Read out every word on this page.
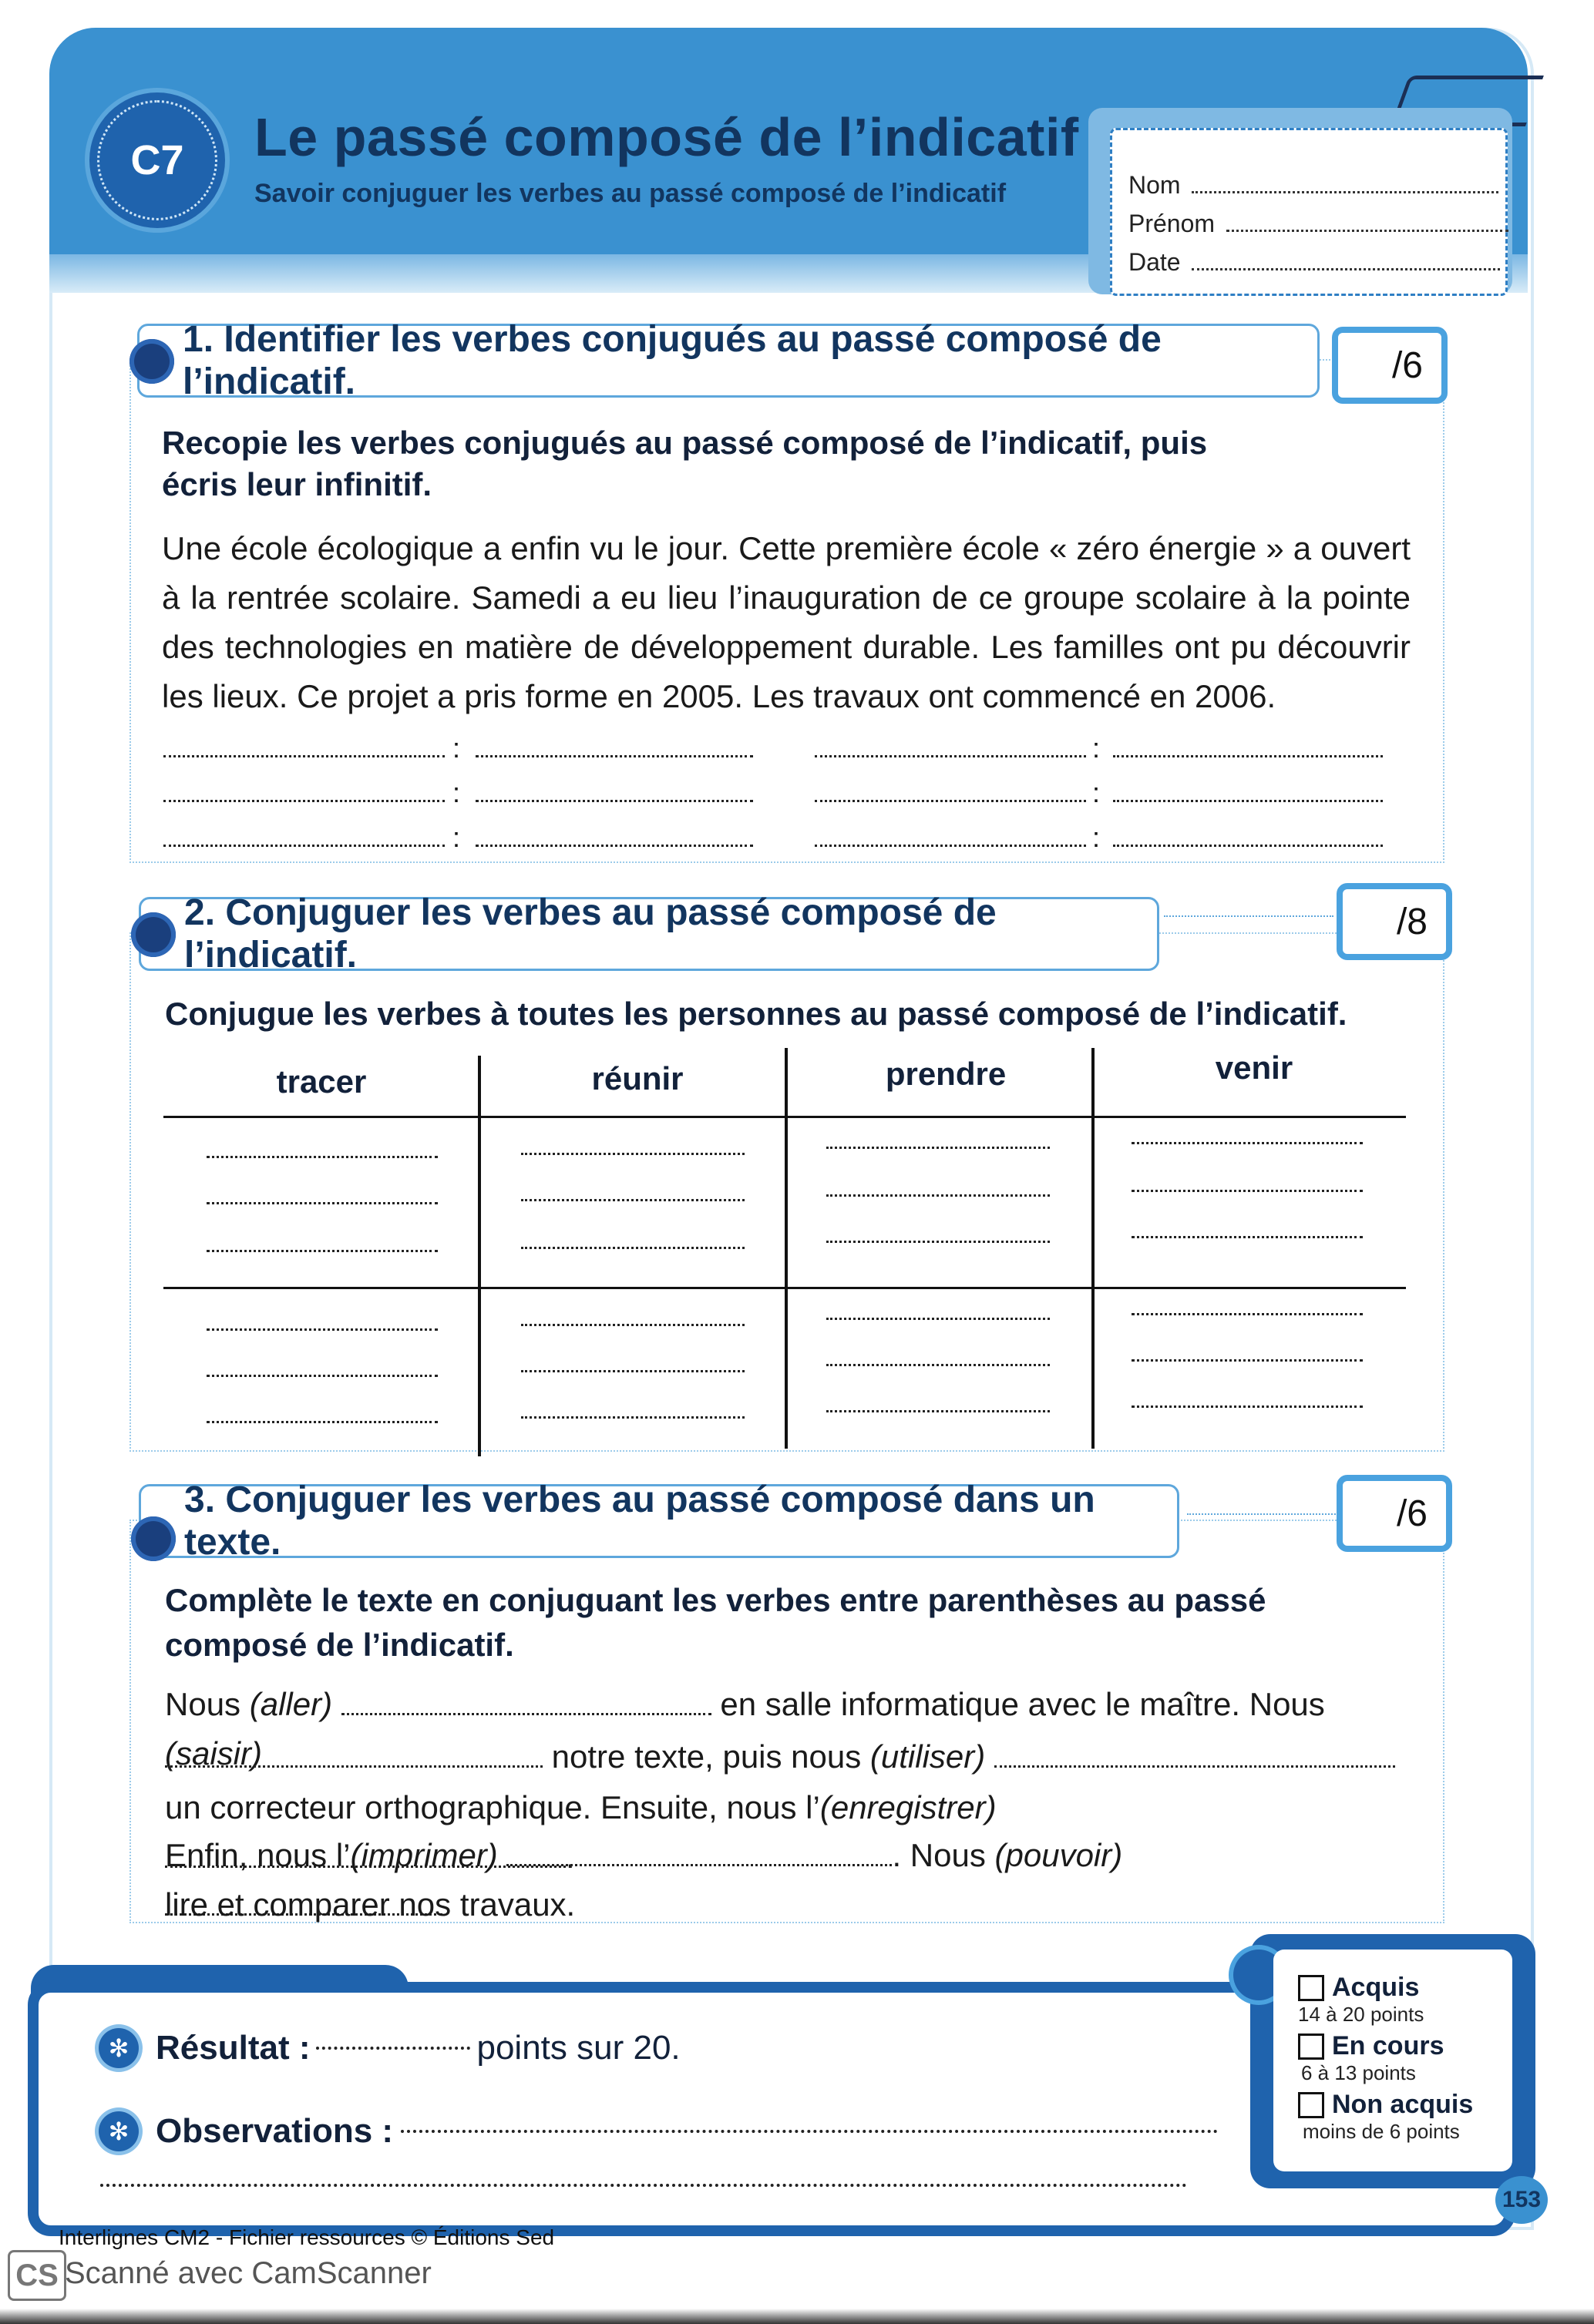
C7	Le passé composé de l’indicatif
Savoir conjuguer les verbes au passé composé de l’indicatif	Nom
Prénom
Date
1. Identifier les verbes conjugués au passé composé de l’indicatif.	/6
Recopie les verbes conjugués au passé composé de l’indicatif, puis écris leur infinitif.
Une école écologique a enfin vu le jour. Cette première école « zéro énergie » a ouvert à la rentrée scolaire. Samedi a eu lieu l’inauguration de ce groupe scolaire à la pointe des technologies en matière de développement durable. Les familles ont pu découvrir les lieux. Ce projet a pris forme en 2005. Les travaux ont commencé en 2006.
:	:
:	:
:	:
2. Conjuguer les verbes au passé composé de l’indicatif.
/8
Conjugue les verbes à toutes les personnes au passé composé de l’indicatif.
tracer	réunir	prendre	venir
3. Conjuguer les verbes au passé composé dans un texte.
/6
Complète le texte en conjuguant les verbes entre parenthèses au passé composé de l’indicatif.
Nous (aller)	en salle informatique avec le maître. Nous (saisir)	notre texte, puis nous (utiliser)
un correcteur orthographique. Ensuite, nous l’(enregistrer) .
Enfin, nous l’(imprimer)	. Nous (pouvoir)
lire et comparer nos travaux.
✻ Résultat :	points sur 20.
✻ Observations :
Acquis
14 à 20 points
En cours
6 à 13 points
Non acquis
moins de 6 points
153
Interlignes CM2 - Fichier ressources © Éditions Sed
CS Scanné avec CamScanner
